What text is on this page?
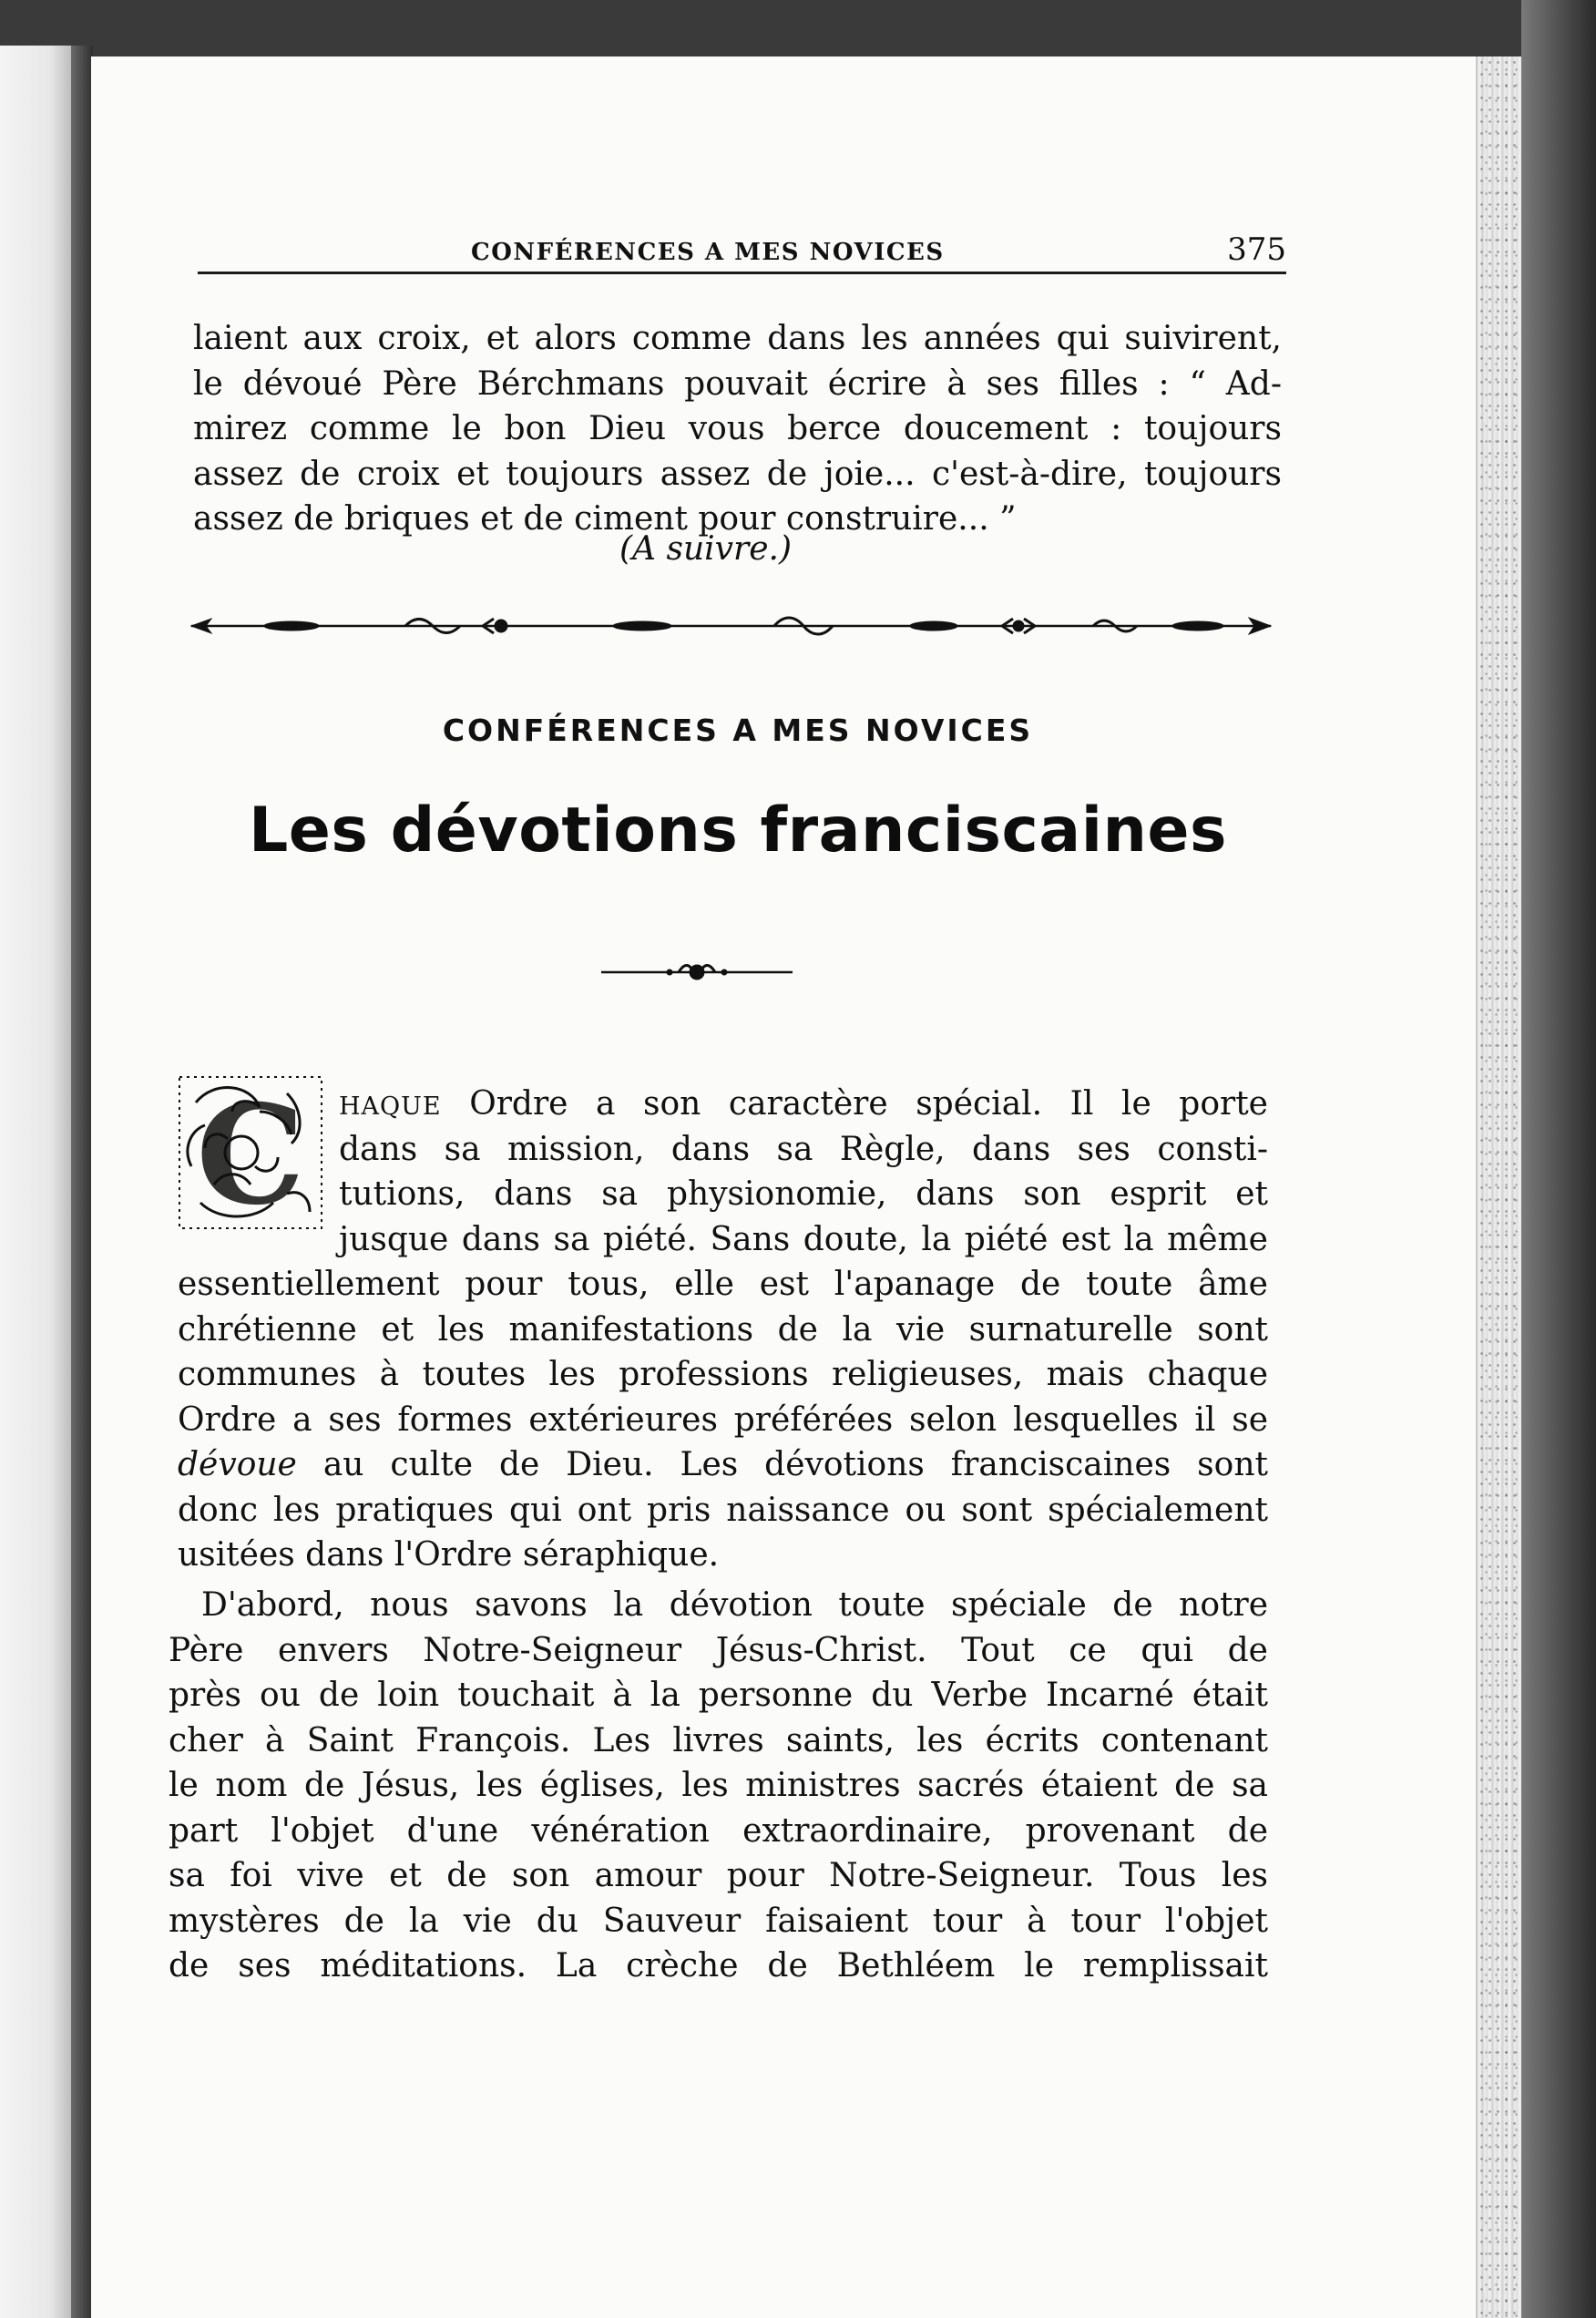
CONFÉRENCES A MES NOVICES	375
laient aux croix, et alors comme dans les années qui suivirent,
le dévoué Père Bérchmans pouvait écrire à ses filles : “ Ad-
mirez comme le bon Dieu vous berce doucement : toujours
assez de croix et toujours assez de joie... c'est-à-dire, toujours
assez de briques et de ciment pour construire... ”
(A suivre.)
CONFÉRENCES A MES NOVICES
Les dévotions franciscaines
C HAQUE Ordre a son caractère spécial. Il le porte
dans sa mission, dans sa Règle, dans ses consti-
tutions, dans sa physionomie, dans son esprit et
jusque dans sa piété. Sans doute, la piété est la même
essentiellement pour tous, elle est l'apanage de toute âme
chrétienne et les manifestations de la vie surnaturelle sont
communes à toutes les professions religieuses, mais chaque
Ordre a ses formes extérieures préférées selon lesquelles il se
dévoue au culte de Dieu. Les dévotions franciscaines sont
donc les pratiques qui ont pris naissance ou sont spécialement
usitées dans l'Ordre séraphique.
D'abord, nous savons la dévotion toute spéciale de notre
Père envers Notre-Seigneur Jésus-Christ. Tout ce qui de
près ou de loin touchait à la personne du Verbe Incarné était
cher à Saint François. Les livres saints, les écrits contenant
le nom de Jésus, les églises, les ministres sacrés étaient de sa
part l'objet d'une vénération extraordinaire, provenant de
sa foi vive et de son amour pour Notre-Seigneur. Tous les
mystères de la vie du Sauveur faisaient tour à tour l'objet
de ses méditations. La crèche de Bethléem le remplissait
